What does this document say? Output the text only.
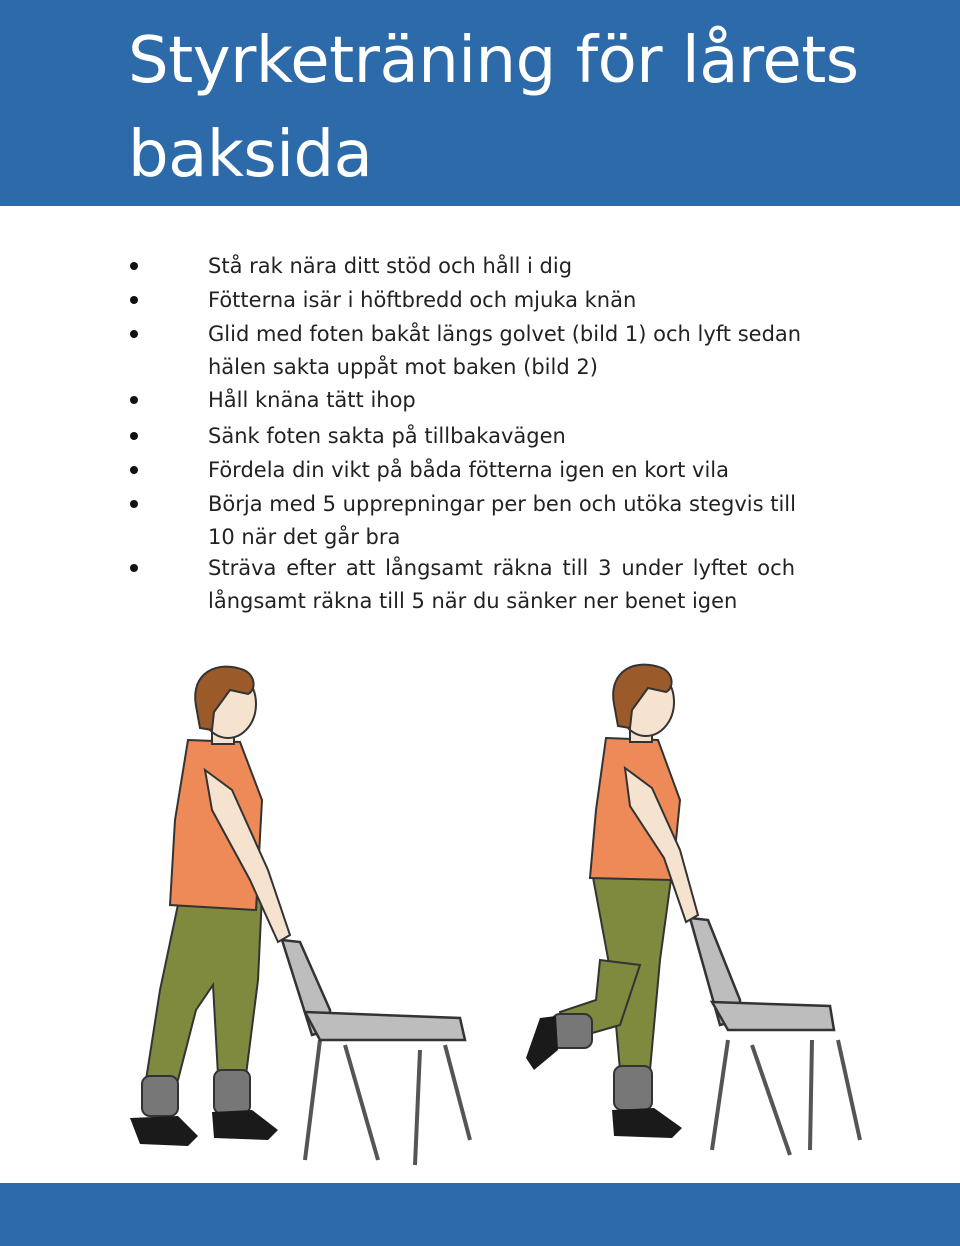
Styrketräning för lårets baksida
Stå rak nära ditt stöd och håll i dig
Fötterna isär i höftbredd och mjuka knän
Glid med foten bakåt längs golvet (bild 1) och lyft sedan hälen sakta uppåt mot baken (bild 2)
Håll knäna tätt ihop
Sänk foten sakta på tillbakavägen
Fördela din vikt på båda fötterna igen en kort vila
Börja med 5 upprepningar per ben och utöka stegvis till 10 när det går bra
Sträva efter att långsamt räkna till 3 under lyftet och långsamt räkna till 5 när du sänker ner benet igen
